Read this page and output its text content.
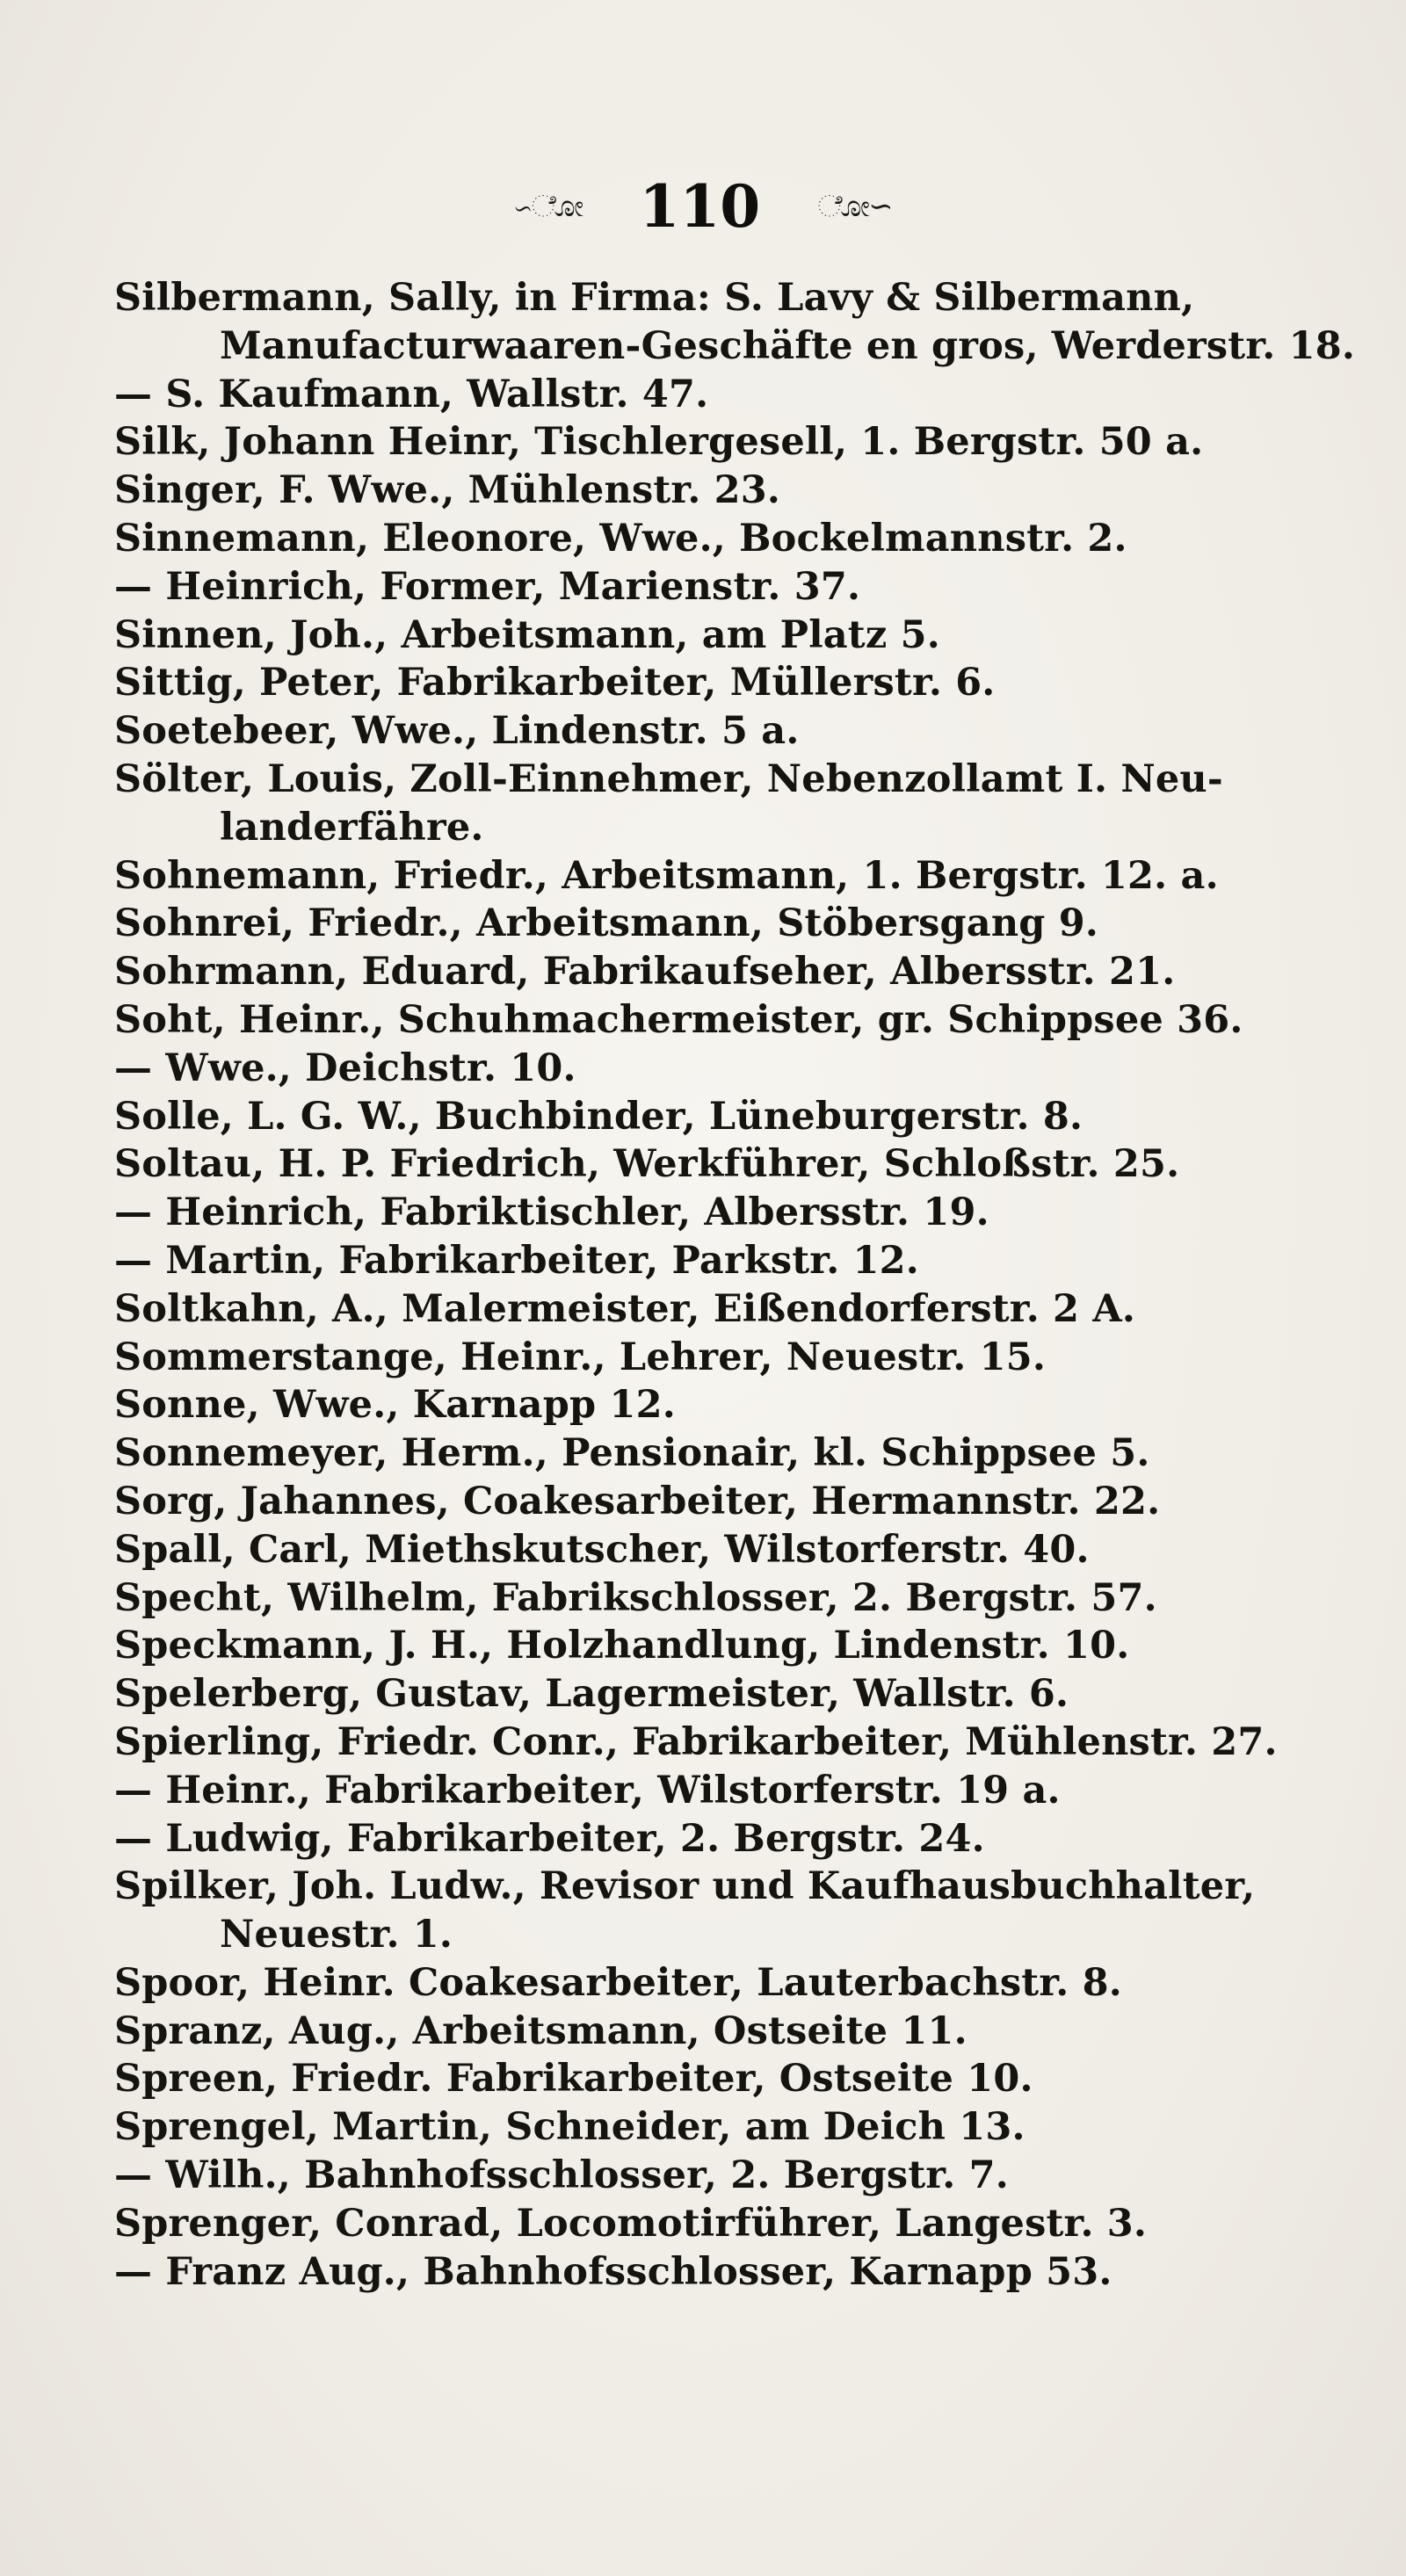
∽ೋ 110 ೋ∽
Silbermann, Sally, in Firma: S. Lavy & Silbermann,
Manufacturwaaren-Geschäfte en gros, Werderstr. 18.
— S. Kaufmann, Wallstr. 47.
Silk, Johann Heinr, Tischlergesell, 1. Bergstr. 50 a.
Singer, F. Wwe., Mühlenstr. 23.
Sinnemann, Eleonore, Wwe., Bockelmannstr. 2.
— Heinrich, Former, Marienstr. 37.
Sinnen, Joh., Arbeitsmann, am Platz 5.
Sittig, Peter, Fabrikarbeiter, Müllerstr. 6.
Soetebeer, Wwe., Lindenstr. 5 a.
Sölter, Louis, Zoll-Einnehmer, Nebenzollamt I. Neu-
landerfähre.
Sohnemann, Friedr., Arbeitsmann, 1. Bergstr. 12. a.
Sohnrei, Friedr., Arbeitsmann, Stöbersgang 9.
Sohrmann, Eduard, Fabrikaufseher, Albersstr. 21.
Soht, Heinr., Schuhmachermeister, gr. Schippsee 36.
— Wwe., Deichstr. 10.
Solle, L. G. W., Buchbinder, Lüneburgerstr. 8.
Soltau, H. P. Friedrich, Werkführer, Schloßstr. 25.
— Heinrich, Fabriktischler, Albersstr. 19.
— Martin, Fabrikarbeiter, Parkstr. 12.
Soltkahn, A., Malermeister, Eißendorferstr. 2 A.
Sommerstange, Heinr., Lehrer, Neuestr. 15.
Sonne, Wwe., Karnapp 12.
Sonnemeyer, Herm., Pensionair, kl. Schippsee 5.
Sorg, Jahannes, Coakesarbeiter, Hermannstr. 22.
Spall, Carl, Miethskutscher, Wilstorferstr. 40.
Specht, Wilhelm, Fabrikschlosser, 2. Bergstr. 57.
Speckmann, J. H., Holzhandlung, Lindenstr. 10.
Spelerberg, Gustav, Lagermeister, Wallstr. 6.
Spierling, Friedr. Conr., Fabrikarbeiter, Mühlenstr. 27.
— Heinr., Fabrikarbeiter, Wilstorferstr. 19 a.
— Ludwig, Fabrikarbeiter, 2. Bergstr. 24.
Spilker, Joh. Ludw., Revisor und Kaufhausbuchhalter,
Neuestr. 1.
Spoor, Heinr. Coakesarbeiter, Lauterbachstr. 8.
Spranz, Aug., Arbeitsmann, Ostseite 11.
Spreen, Friedr. Fabrikarbeiter, Ostseite 10.
Sprengel, Martin, Schneider, am Deich 13.
— Wilh., Bahnhofsschlosser, 2. Bergstr. 7.
Sprenger, Conrad, Locomotirführer, Langestr. 3.
— Franz Aug., Bahnhofsschlosser, Karnapp 53.
